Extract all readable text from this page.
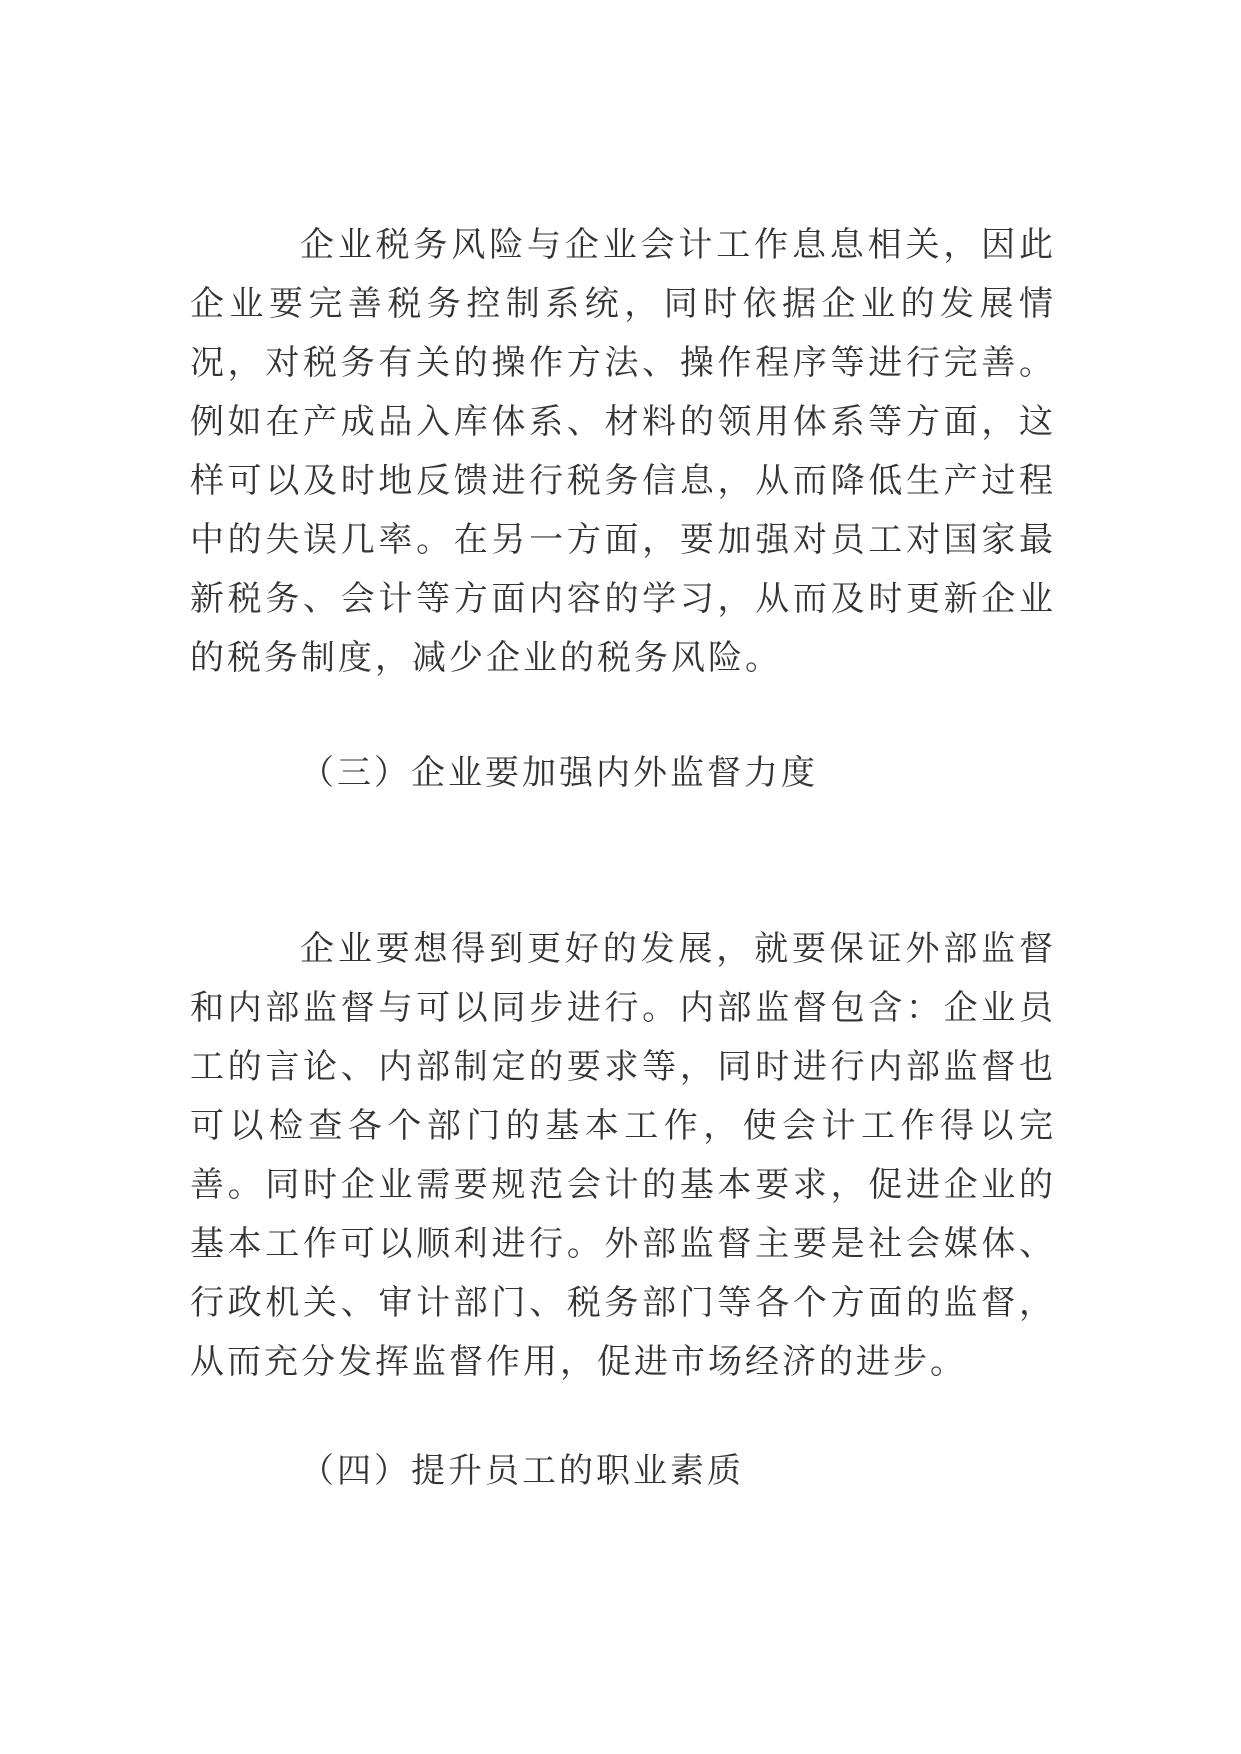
企业税务风险与企业会计工作息息相关，因此企业要完善税务控制系统，同时依据企业的发展情况，对税务有关的操作方法、操作程序等进行完善。例如在产成品入库体系、材料的领用体系等方面，这样可以及时地反馈进行税务信息，从而降低生产过程中的失误几率。在另一方面，要加强对员工对国家最新税务、会计等方面内容的学习，从而及时更新企业的税务制度，减少企业的税务风险。

（三）企业要加强内外监督力度

企业要想得到更好的发展，就要保证外部监督和内部监督与可以同步进行。内部监督包含：企业员工的言论、内部制定的要求等，同时进行内部监督也可以检查各个部门的基本工作，使会计工作得以完善。同时企业需要规范会计的基本要求，促进企业的基本工作可以顺利进行。外部监督主要是社会媒体、行政机关、审计部门、税务部门等各个方面的监督，从而充分发挥监督作用，促进市场经济的进步。

（四）提升员工的职业素质
